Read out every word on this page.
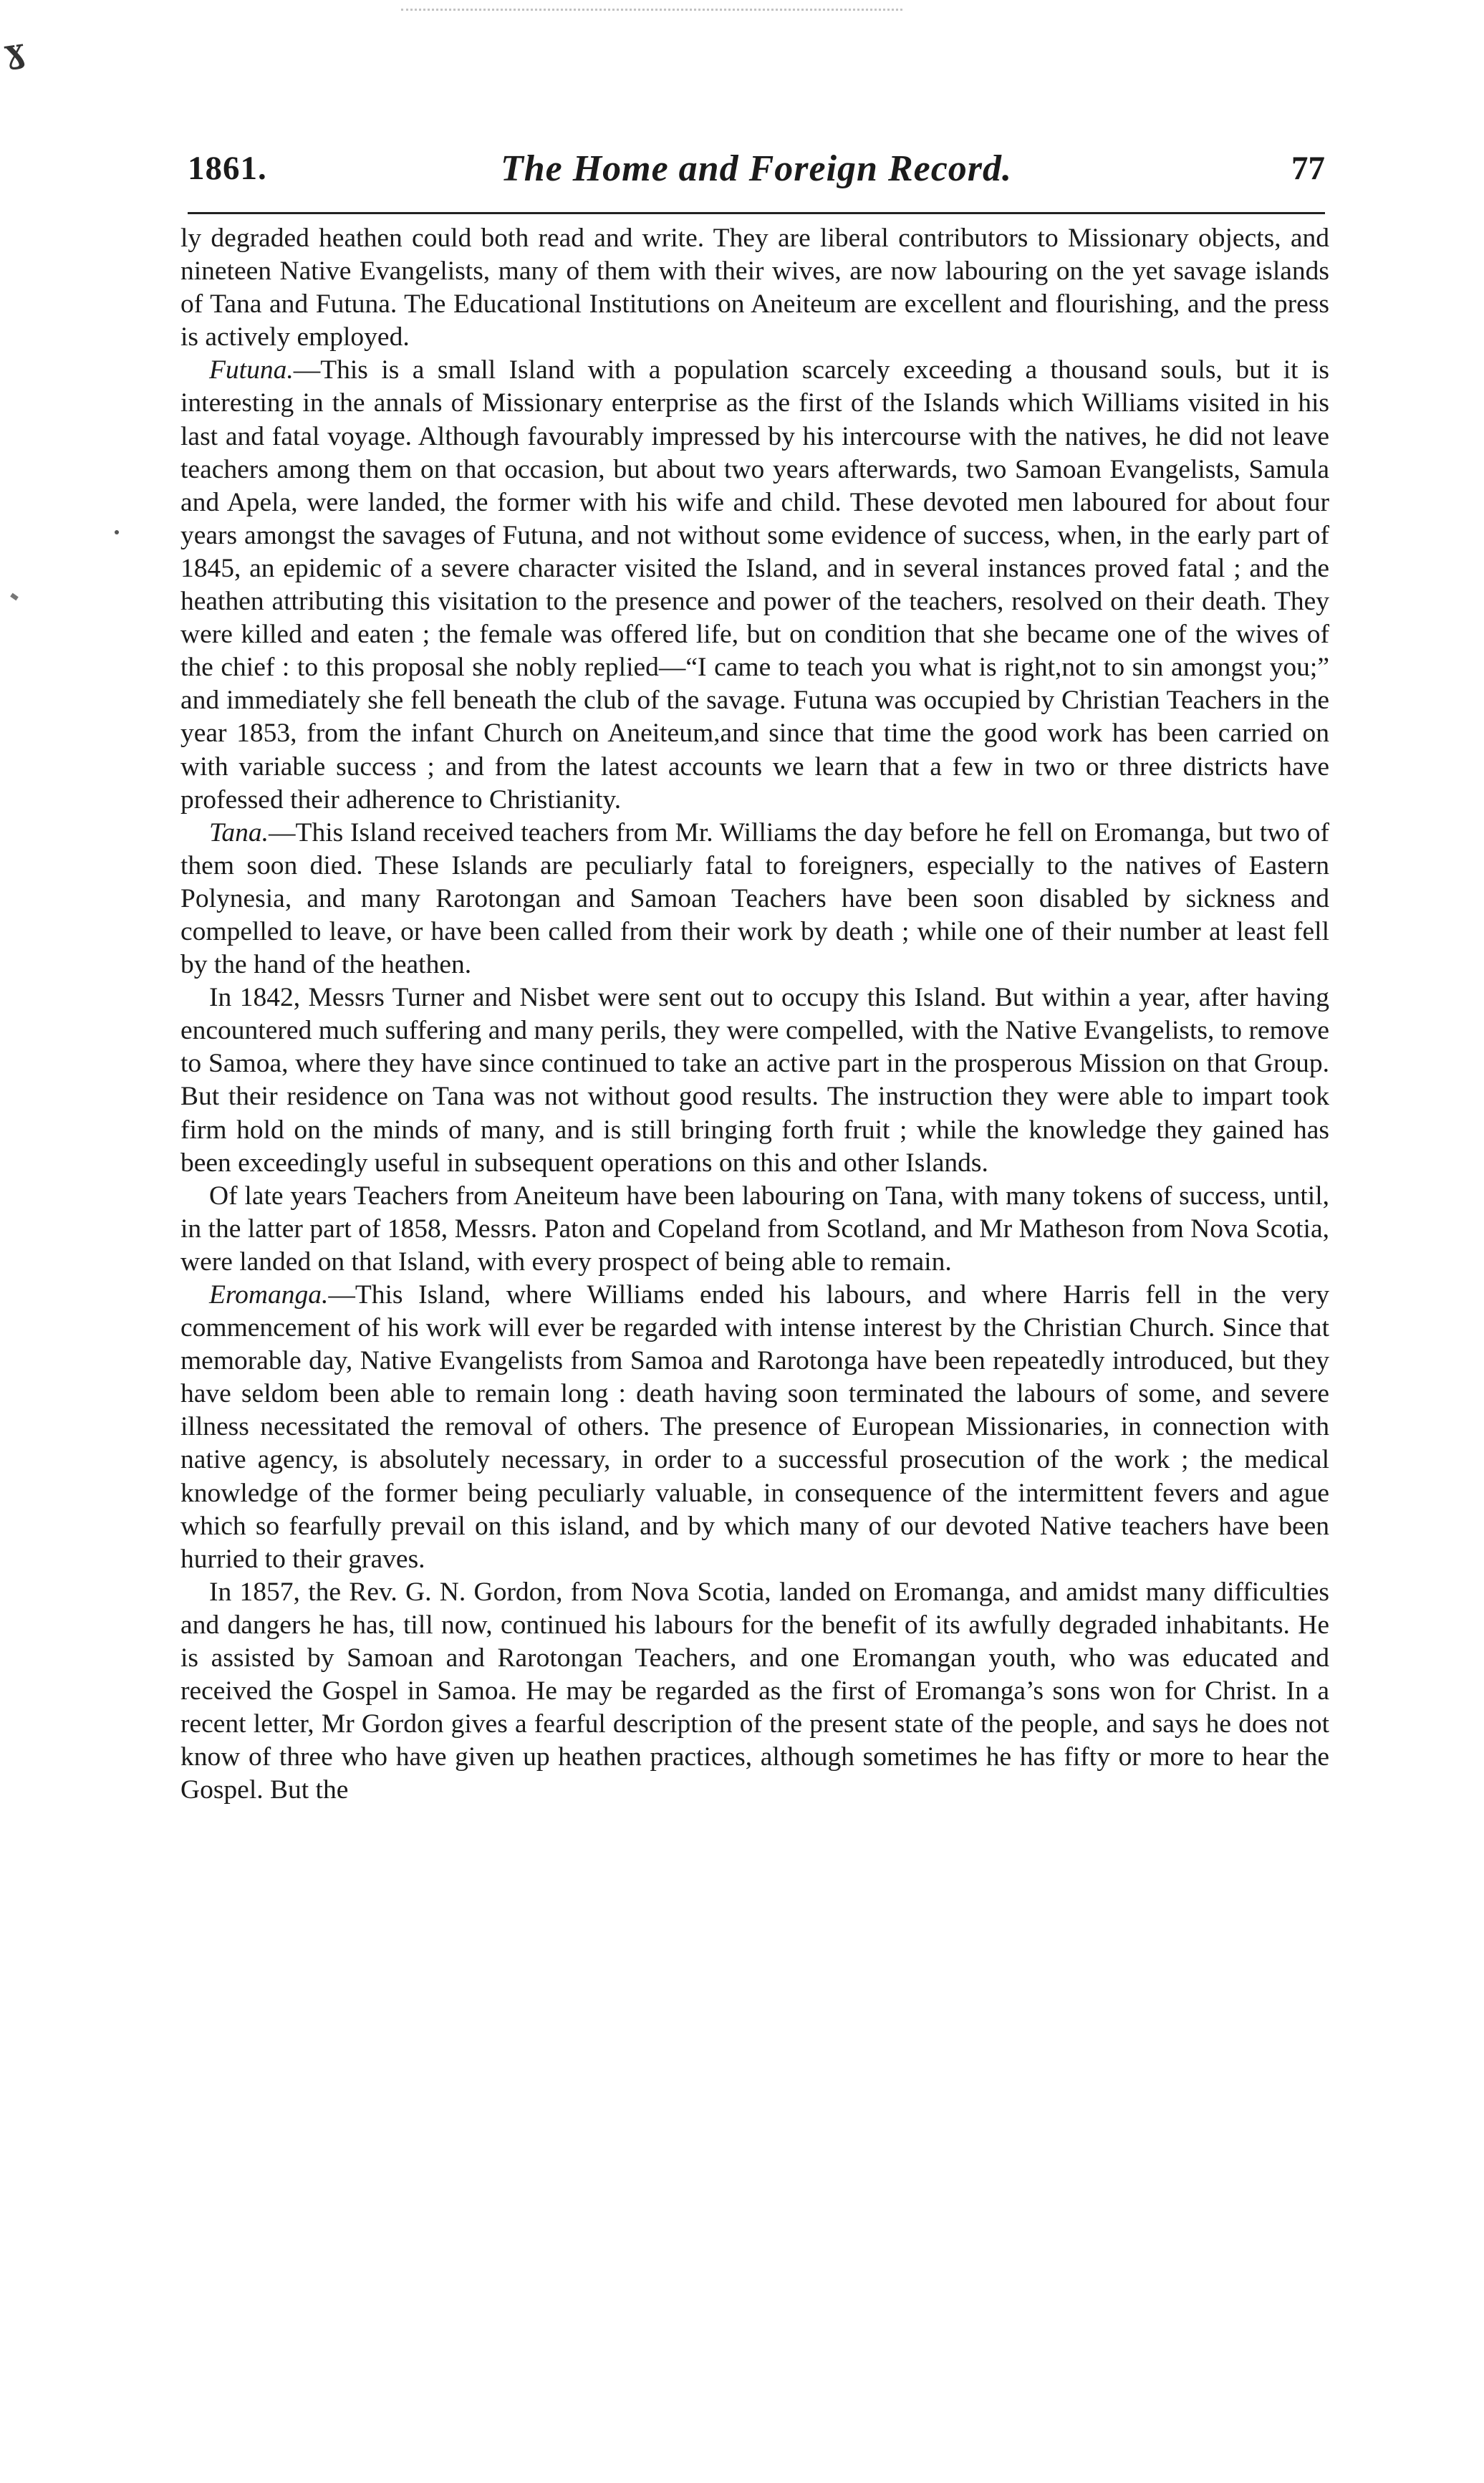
ɣ
1861.	The Home and Foreign Record.	77

ly degraded heathen could both read and write. They are liberal contributors to Missionary objects, and nineteen Native Evangelists, many of them with their wives, are now labouring on the yet savage islands of Tana and Futuna. The Educational Institutions on Aneiteum are excellent and flourishing, and the press is actively employed.

Futuna.—This is a small Island with a population scarcely exceeding a thousand souls, but it is interesting in the annals of Missionary enterprise as the first of the Islands which Williams visited in his last and fatal voyage. Although favourably impressed by his intercourse with the natives, he did not leave teachers among them on that occasion, but about two years afterwards, two Samoan Evangelists, Samula and Apela, were landed, the former with his wife and child. These devoted men laboured for about four years amongst the savages of Futuna, and not without some evidence of success, when, in the early part of 1845, an epidemic of a severe character visited the Island, and in several instances proved fatal ; and the heathen attributing this visitation to the presence and power of the teachers, resolved on their death. They were killed and eaten ; the female was offered life, but on condition that she became one of the wives of the chief : to this proposal she nobly replied—“I came to teach you what is right,not to sin amongst you;” and immediately she fell beneath the club of the savage. Futuna was occupied by Christian Teachers in the year 1853, from the infant Church on Aneiteum,and since that time the good work has been carried on with variable success ; and from the latest accounts we learn that a few in two or three districts have professed their adherence to Christianity.

Tana.—This Island received teachers from Mr. Williams the day before he fell on Eromanga, but two of them soon died. These Islands are peculiarly fatal to foreigners, especially to the natives of Eastern Polynesia, and many Rarotongan and Samoan Teachers have been soon disabled by sickness and compelled to leave, or have been called from their work by death ; while one of their number at least fell by the hand of the heathen.

In 1842, Messrs Turner and Nisbet were sent out to occupy this Island. But within a year, after having encountered much suffering and many perils, they were compelled, with the Native Evangelists, to remove to Samoa, where they have since continued to take an active part in the prosperous Mission on that Group. But their residence on Tana was not without good results. The instruction they were able to impart took firm hold on the minds of many, and is still bringing forth fruit ; while the knowledge they gained has been exceedingly useful in subsequent operations on this and other Islands.

Of late years Teachers from Aneiteum have been labouring on Tana, with many tokens of success, until, in the latter part of 1858, Messrs. Paton and Copeland from Scotland, and Mr Matheson from Nova Scotia, were landed on that Island, with every prospect of being able to remain.

Eromanga.—This Island, where Williams ended his labours, and where Harris fell in the very commencement of his work will ever be regarded with intense interest by the Christian Church. Since that memorable day, Native Evangelists from Samoa and Rarotonga have been repeatedly introduced, but they have seldom been able to remain long : death having soon terminated the labours of some, and severe illness necessitated the removal of others. The presence of European Missionaries, in connection with native agency, is absolutely necessary, in order to a successful prosecution of the work ; the medical knowledge of the former being peculiarly valuable, in consequence of the intermittent fevers and ague which so fearfully prevail on this island, and by which many of our devoted Native teachers have been hurried to their graves.

In 1857, the Rev. G. N. Gordon, from Nova Scotia, landed on Eromanga, and amidst many difficulties and dangers he has, till now, continued his labours for the benefit of its awfully degraded inhabitants. He is assisted by Samoan and Rarotongan Teachers, and one Eromangan youth, who was educated and received the Gospel in Samoa. He may be regarded as the first of Eromanga’s sons won for Christ. In a recent letter, Mr Gordon gives a fearful description of the present state of the people, and says he does not know of three who have given up heathen practices, although sometimes he has fifty or more to hear the Gospel. But the
